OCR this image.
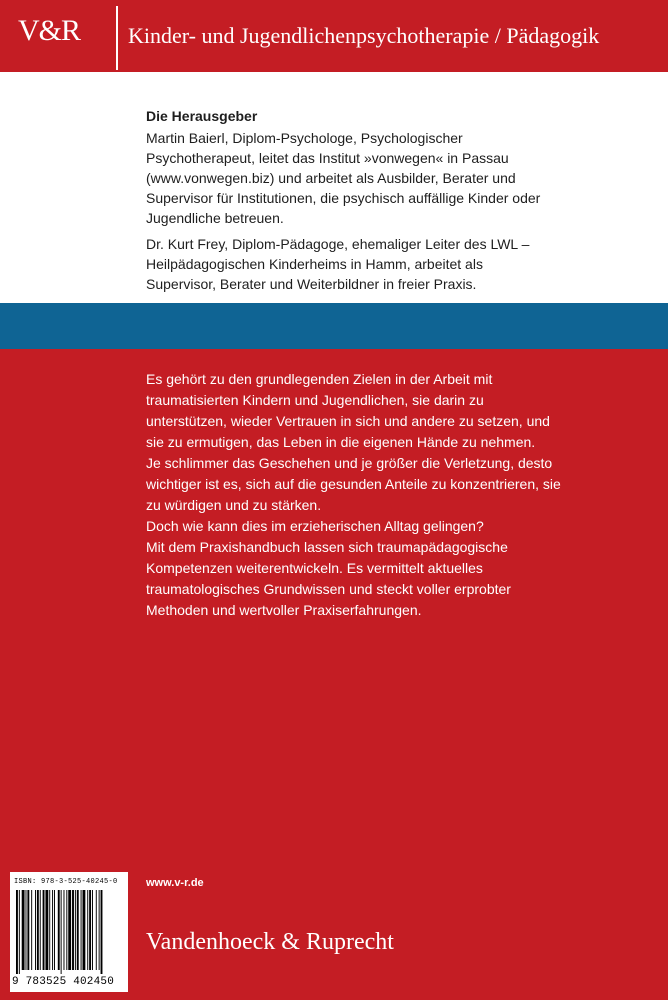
V&R Kinder- und Jugendlichenpsychotherapie / Pädagogik
Die Herausgeber

Martin Baierl, Diplom-Psychologe, Psychologischer Psychotherapeut, leitet das Institut »vonwegen« in Passau (www.vonwegen.biz) und arbeitet als Ausbilder, Berater und Supervisor für Institutionen, die psychisch auffällige Kinder oder Jugendliche betreuen.

Dr. Kurt Frey, Diplom-Pädagoge, ehemaliger Leiter des LWL – Heilpädagogischen Kinderheims in Hamm, arbeitet als Supervisor, Berater und Weiterbildner in freier Praxis.

Es gehört zu den grundlegenden Zielen in der Arbeit mit traumatisierten Kindern und Jugendlichen, sie darin zu unterstützen, wieder Vertrauen in sich und andere zu setzen, und sie zu ermutigen, das Leben in die eigenen Hände zu nehmen.

Je schlimmer das Geschehen und je größer die Verletzung, desto wichtiger ist es, sich auf die gesunden Anteile zu konzentrieren, sie zu würdigen und zu stärken.

Doch wie kann dies im erzieherischen Alltag gelingen?

Mit dem Praxishandbuch lassen sich traumapädagogische Kompetenzen weiterentwickeln. Es vermittelt aktuelles traumatologisches Grundwissen und steckt voller erprobter Methoden und wertvoller Praxiserfahrungen.

ISBN: 978-3-525-40245-0
9 783525 402450
www.v-r.de
Vandenhoeck & Ruprecht
